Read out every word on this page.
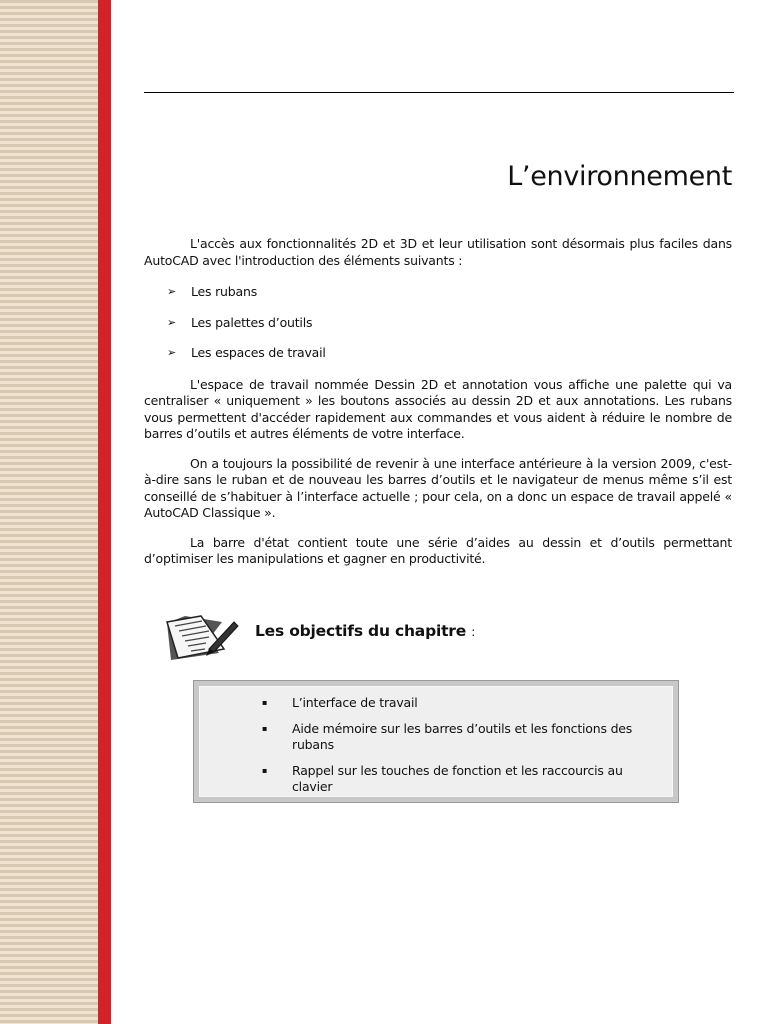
L’environnement

L'accès aux fonctionnalités 2D et 3D et leur utilisation sont désormais plus faciles dans AutoCAD avec l'introduction des éléments suivants :

➢ Les rubans
➢ Les palettes d’outils
➢ Les espaces de travail

L'espace de travail nommée Dessin 2D et annotation vous affiche une palette qui va centraliser « uniquement » les boutons associés au dessin 2D et aux annotations. Les rubans vous permettent d'accéder rapidement aux commandes et vous aident à réduire le nombre de barres d’outils et autres éléments de votre interface.

On a toujours la possibilité de revenir à une interface antérieure à la version 2009, c'est-à-dire sans le ruban et de nouveau les barres d’outils et le navigateur de menus même s’il est conseillé de s’habituer à l’interface actuelle ; pour cela, on a donc un espace de travail appelé « AutoCAD Classique ».

La barre d'état contient toute une série d’aides au dessin et d’outils permettant d’optimiser les manipulations et gagner en productivité.

Les objectifs du chapitre :
▪ L’interface de travail
▪ Aide mémoire sur les barres d’outils et les fonctions des rubans
▪ Rappel sur les touches de fonction et les raccourcis au clavier
